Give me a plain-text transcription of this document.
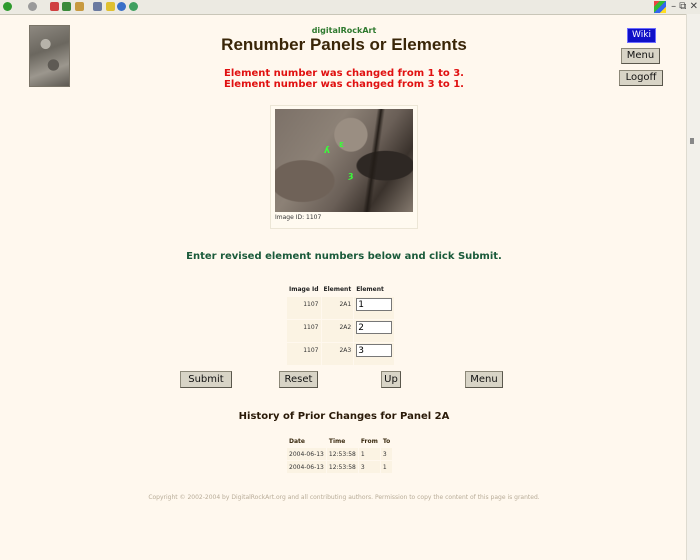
– ⧉ ✕
digitalRockArt
Renumber Panels or Elements
Element number was changed from 1 to 3.
Element number was changed from 3 to 1.
Wiki
Menu
Logoff
ʎ
ɛ
ȝ
Image ID: 1107
Enter revised element numbers below and click Submit.
Image Id	Element	Element
1107	2A1	1
1107	2A2	2
1107	2A3	3
Submit	Reset	Up	Menu
History of Prior Changes for Panel 2A
Date	Time	From	To
2004-06-13	12:53:58	1	3
2004-06-13	12:53:58	3	1
Copyright © 2002-2004 by DigitalRockArt.org and all contributing authors. Permission to copy the content of this page is granted.
